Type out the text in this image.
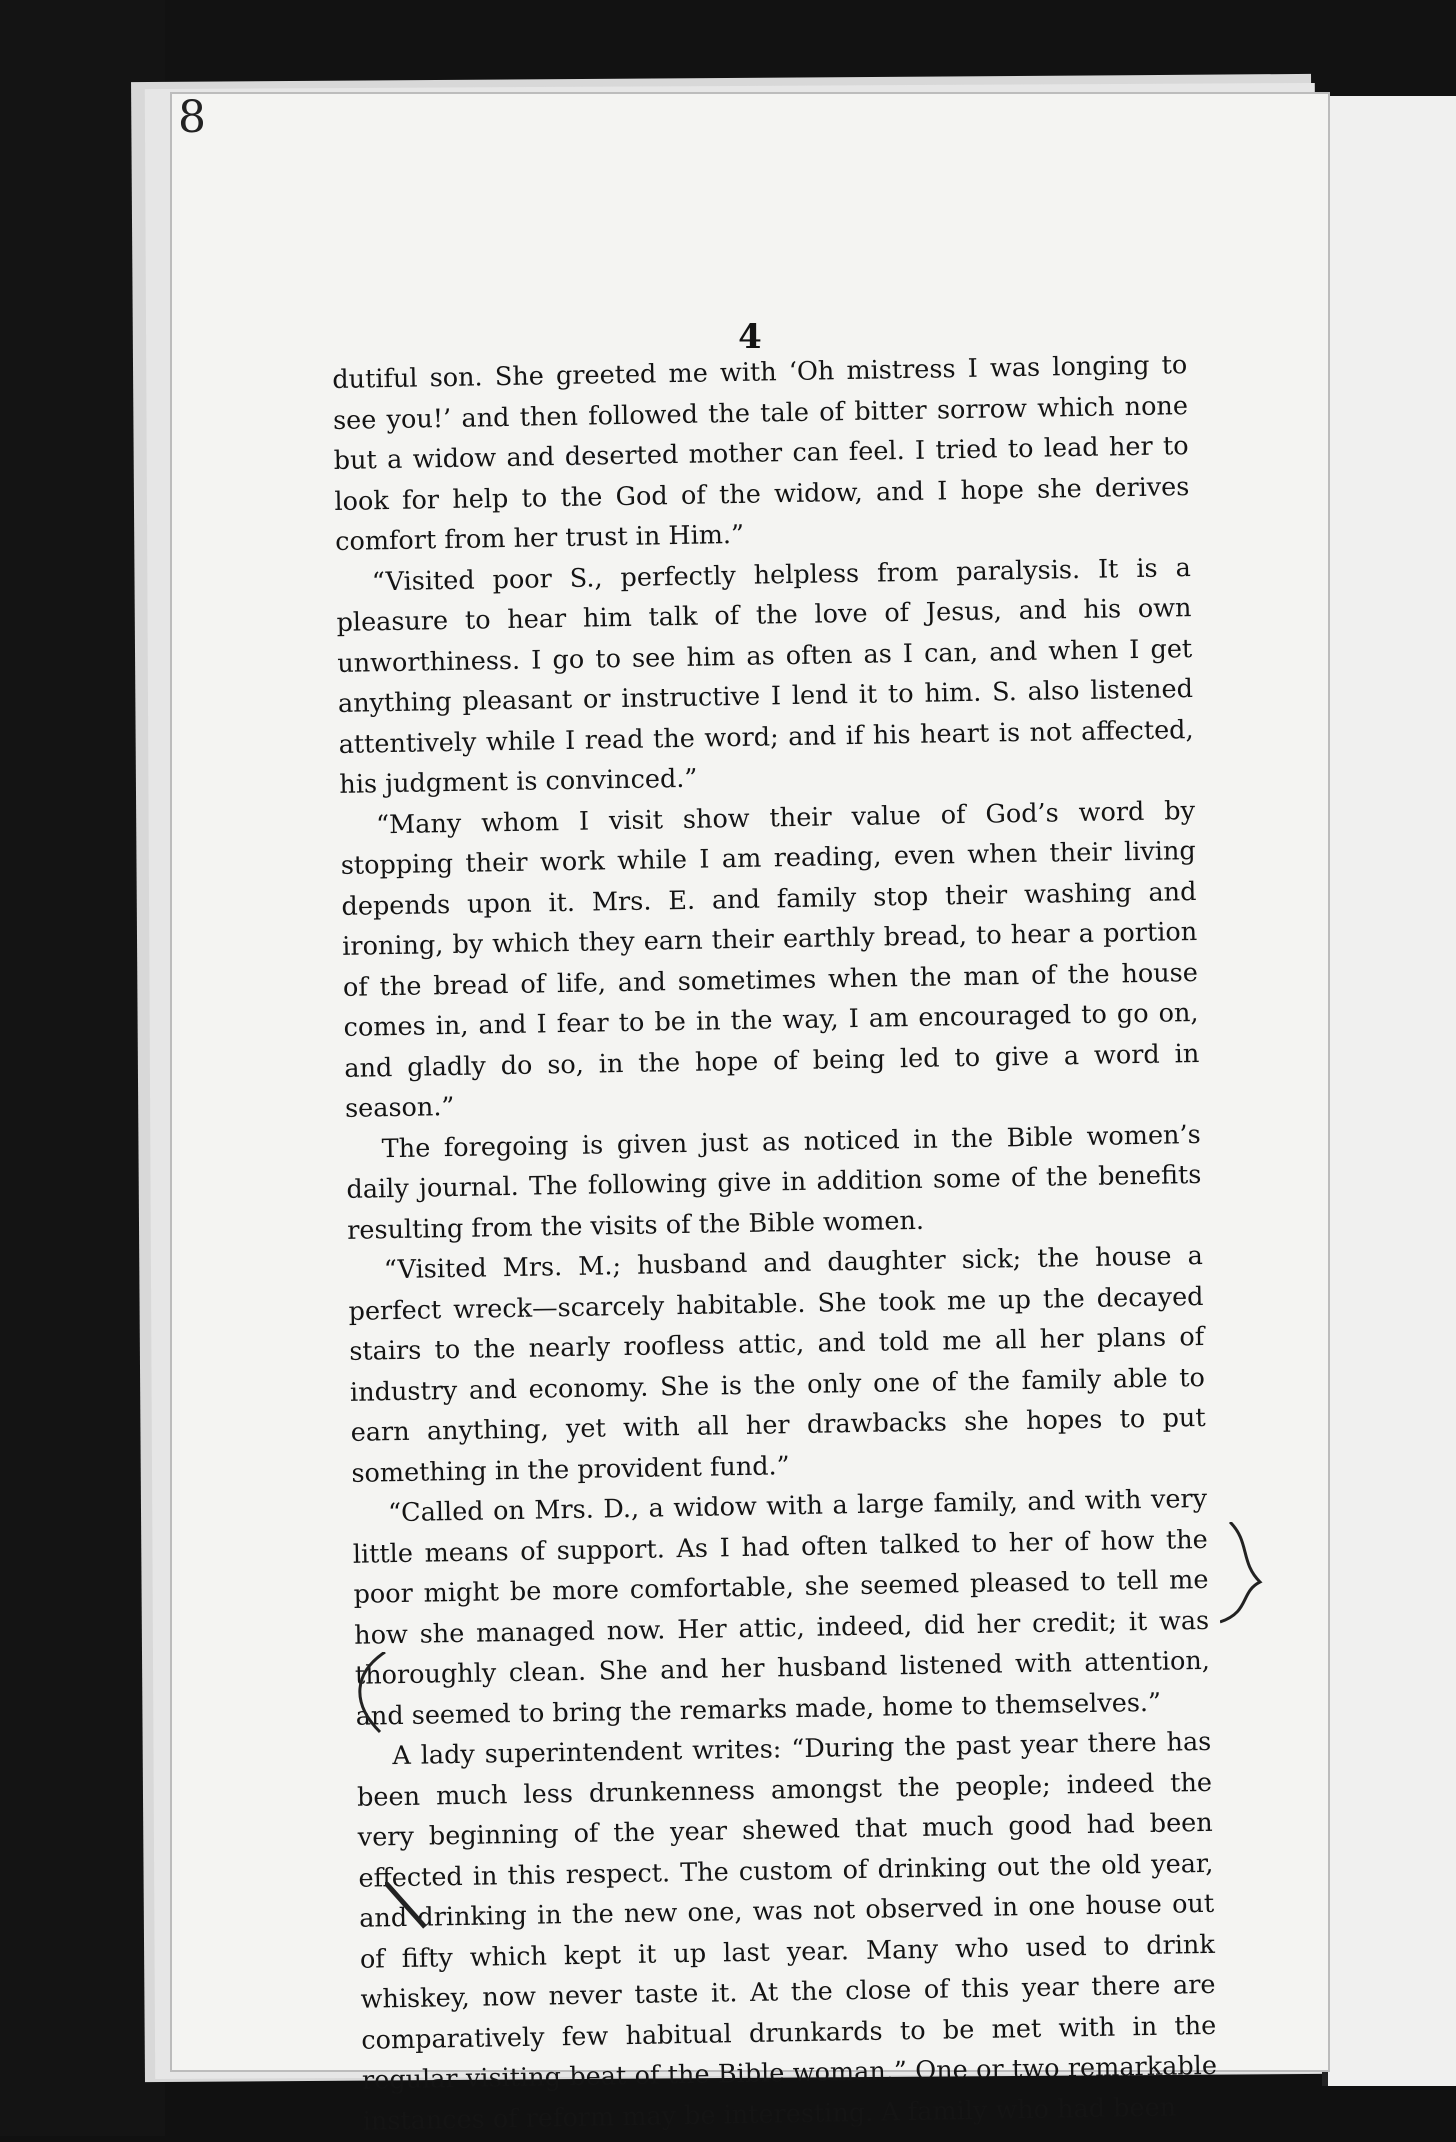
8
4

dutiful son. She greeted me with ‘Oh mistress I was longing to see you!’ and then followed the tale of bitter sorrow which none but a widow and deserted mother can feel. I tried to lead her to look for help to the God of the widow, and I hope she derives comfort from her trust in Him.”

“Visited poor S., perfectly helpless from paralysis. It is a pleasure to hear him talk of the love of Jesus, and his own unworthiness. I go to see him as often as I can, and when I get anything pleasant or instructive I lend it to him. S. also listened attentively while I read the word; and if his heart is not affected, his judgment is convinced.”

“Many whom I visit show their value of God’s word by stopping their work while I am reading, even when their living depends upon it. Mrs. E. and family stop their washing and ironing, by which they earn their earthly bread, to hear a portion of the bread of life, and sometimes when the man of the house comes in, and I fear to be in the way, I am encouraged to go on, and gladly do so, in the hope of being led to give a word in season.”

The foregoing is given just as noticed in the Bible women’s daily journal. The following give in addition some of the benefits resulting from the visits of the Bible women.

“Visited Mrs. M.; husband and daughter sick; the house a perfect wreck—scarcely habitable. She took me up the decayed stairs to the nearly roofless attic, and told me all her plans of industry and economy. She is the only one of the family able to earn anything, yet with all her drawbacks she hopes to put something in the provident fund.”

“Called on Mrs. D., a widow with a large family, and with very little means of support. As I had often talked to her of how the poor might be more comfortable, she seemed pleased to tell me how she managed now. Her attic, indeed, did her credit; it was thoroughly clean. She and her husband listened with attention, and seemed to bring the remarks made, home to themselves.”

A lady superintendent writes: “During the past year there has been much less drunkenness amongst the people; indeed the very beginning of the year shewed that much good had been effected in this respect. The custom of drinking out the old year, and drinking in the new one, was not observed in one house out of fifty which kept it up last year. Many who used to drink whiskey, now never taste it. At the close of this year there are comparatively few habitual drunkards to be met with in the regular visiting beat of the Bible woman.” One or two remarkable instances of reform may be interesting. A family who had been
